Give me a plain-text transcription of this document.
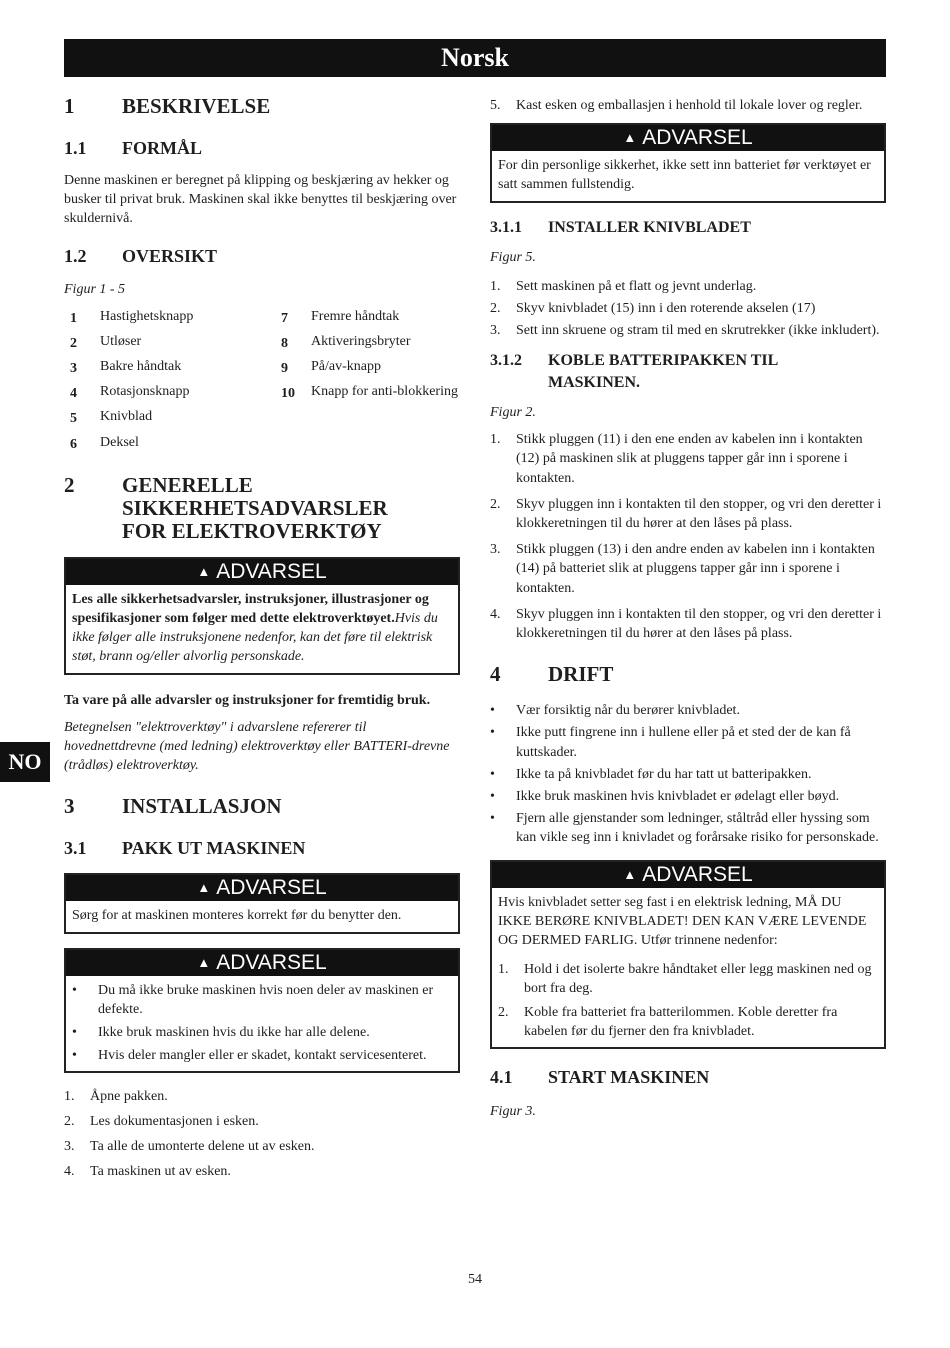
Norsk
NO
1	BESKRIVELSE
1.1	FORMÅL

Denne maskinen er beregnet på klipping og beskjæring av hekker og busker til privat bruk. Maskinen skal ikke benyttes til beskjæring over skuldernivå.

1.2	OVERSIKT

Figur 1 - 5

1	Hastighetsknapp	7	Fremre håndtak
2	Utløser	8	Aktiveringsbryter
3	Bakre håndtak	9	På/av-knapp
4	Rotasjonsknapp	10	Knapp for anti-blokkering
5	Knivblad
6	Deksel
2	GENERELLE SIKKERHETSADVARSLER FOR ELEKTROVERKTØY
▲ ADVARSEL
Les alle sikkerhetsadvarsler, instruksjoner, illustrasjoner og spesifikasjoner som følger med dette elektroverktøyet.Hvis du ikke følger alle instruksjonene nedenfor, kan det føre til elektrisk støt, brann og/eller alvorlig personskade.

Ta vare på alle advarsler og instruksjoner for fremtidig bruk.

Betegnelsen "elektroverktøy" i advarslene refererer til hovednettdrevne (med ledning) elektroverktøy eller BATTERI-drevne (trådløs) elektroverktøy.

3	INSTALLASJON
3.1	PAKK UT MASKINEN
▲ ADVARSEL
Sørg for at maskinen monteres korrekt før du benytter den.
▲ ADVARSEL
•	Du må ikke bruke maskinen hvis noen deler av maskinen er defekte.
•	Ikke bruk maskinen hvis du ikke har alle delene.
•	Hvis deler mangler eller er skadet, kontakt servicesenteret.
1.	Åpne pakken.
2.	Les dokumentasjonen i esken.
3.	Ta alle de umonterte delene ut av esken.
4.	Ta maskinen ut av esken.
5.	Kast esken og emballasjen i henhold til lokale lover og regler.
▲ ADVARSEL
For din personlige sikkerhet, ikke sett inn batteriet før verktøyet er satt sammen fullstendig.
3.1.1	INSTALLER KNIVBLADET

Figur 5.

1.	Sett maskinen på et flatt og jevnt underlag.
2.	Skyv knivbladet (15) inn i den roterende akselen (17)
3.	Sett inn skruene og stram til med en skrutrekker (ikke inkludert).
3.1.2	KOBLE BATTERIPAKKEN TIL MASKINEN.

Figur 2.

1.	Stikk pluggen (11) i den ene enden av kabelen inn i kontakten (12) på maskinen slik at pluggens tapper går inn i sporene i kontakten.
2.	Skyv pluggen inn i kontakten til den stopper, og vri den deretter i klokkeretningen til du hører at den låses på plass.
3.	Stikk pluggen (13) i den andre enden av kabelen inn i kontakten (14) på batteriet slik at pluggens tapper går inn i sporene i kontakten.
4.	Skyv pluggen inn i kontakten til den stopper, og vri den deretter i klokkeretningen til du hører at den låses på plass.
4	DRIFT
•	Vær forsiktig når du berører knivbladet.
•	Ikke putt fingrene inn i hullene eller på et sted der de kan få kuttskader.
•	Ikke ta på knivbladet før du har tatt ut batteripakken.
•	Ikke bruk maskinen hvis knivbladet er ødelagt eller bøyd.
•	Fjern alle gjenstander som ledninger, ståltråd eller hyssing som kan vikle seg inn i knivladet og forårsake risiko for personskade.
▲ ADVARSEL

Hvis knivbladet setter seg fast i en elektrisk ledning, MÅ DU IKKE BERØRE KNIVBLADET! DEN KAN VÆRE LEVENDE OG DERMED FARLIG. Utfør trinnene nedenfor:

1.	Hold i det isolerte bakre håndtaket eller legg maskinen ned og bort fra deg.
2.	Koble fra batteriet fra batterilommen. Koble deretter fra kabelen før du fjerner den fra knivbladet.
4.1	START MASKINEN

Figur 3.

54
